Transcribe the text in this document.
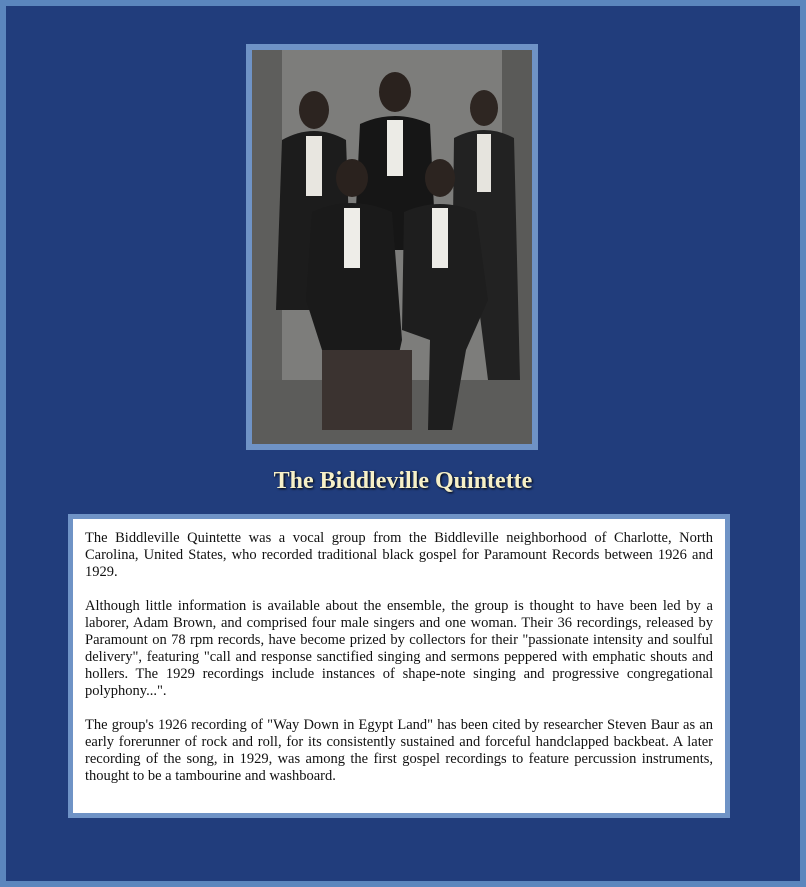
The Biddleville Quintette

The Biddleville Quintette was a vocal group from the Biddleville neighborhood of Charlotte, North Carolina, United States, who recorded traditional black gospel for Paramount Records between 1926 and 1929.

Although little information is available about the ensemble, the group is thought to have been led by a laborer, Adam Brown, and comprised four male singers and one woman. Their 36 recordings, released by Paramount on 78 rpm records, have become prized by collectors for their "passionate intensity and soulful delivery", featuring "call and response sanctified singing and sermons peppered with emphatic shouts and hollers. The 1929 recordings include instances of shape-note singing and progressive congregational polyphony...".

The group's 1926 recording of "Way Down in Egypt Land" has been cited by researcher Steven Baur as an early forerunner of rock and roll, for its consistently sustained and forceful handclapped backbeat. A later recording of the song, in 1929, was among the first gospel recordings to feature percussion instruments, thought to be a tambourine and washboard.
